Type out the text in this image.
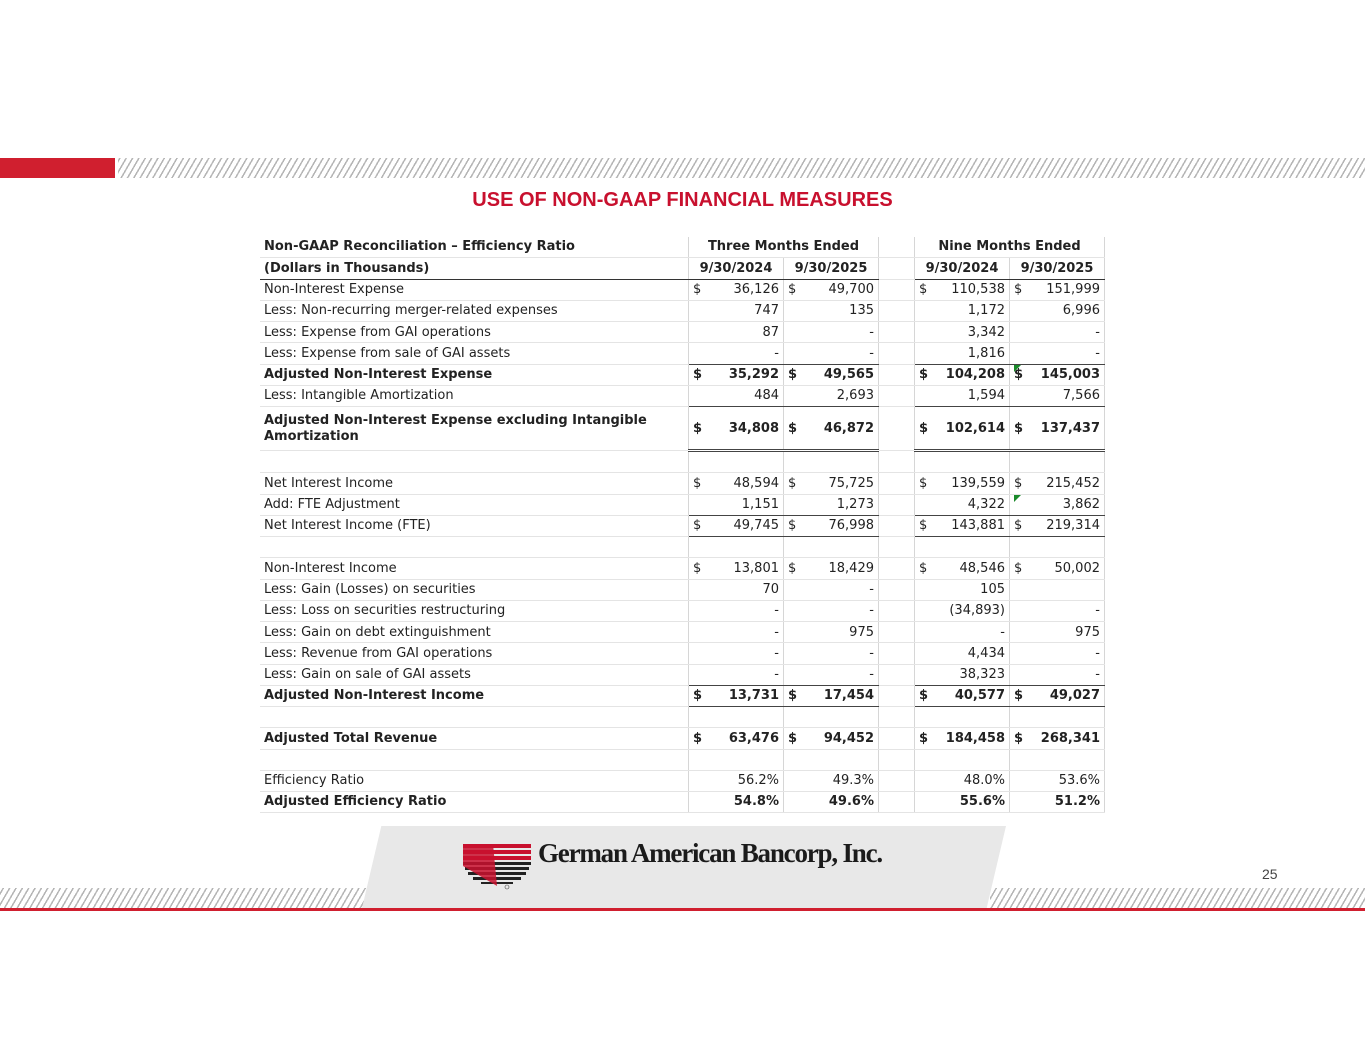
USE OF NON-GAAP FINANCIAL MEASURES
Non-GAAP Reconciliation – Efficiency Ratio	Three Months Ended					Nine Months Ended			
(Dollars in Thousands)	9/30/2024		9/30/2025			9/30/2024		9/30/2025	
Non-Interest Expense	$	36,126	$	49,700		$	110,538	$	151,999
Less: Non-recurring merger-related expenses		747		135			1,172		6,996
Less: Expense from GAI operations		87		-			3,342		-
Less: Expense from sale of GAI assets		-		-			1,816		-
Adjusted Non-Interest Expense	$	35,292	$	49,565		$	104,208	$	145,003
Less: Intangible Amortization		484		2,693			1,594		7,566
Adjusted Non-Interest Expense excluding Intangible Amortization	$	34,808	$	46,872		$	102,614	$	137,437

Net Interest Income	$	48,594	$	75,725		$	139,559	$	215,452
Add: FTE Adjustment		1,151		1,273			4,322		3,862
Net Interest Income (FTE)	$	49,745	$	76,998		$	143,881	$	219,314

Non-Interest Income	$	13,801	$	18,429		$	48,546	$	50,002
Less: Gain (Losses) on securities		70		-			105		
Less: Loss on securities restructuring		-		-			(34,893)		-
Less: Gain on debt extinguishment		-		975			-		975
Less: Revenue from GAI operations		-		-			4,434		-
Less: Gain on sale of GAI assets		-		-			38,323		-
Adjusted Non-Interest Income	$	13,731	$	17,454		$	40,577	$	49,027

Adjusted Total Revenue	$	63,476	$	94,452		$	184,458	$	268,341

Efficiency Ratio		56.2%		49.3%			48.0%		53.6%
Adjusted Efficiency Ratio		54.8%		49.6%			55.6%		51.2%
German American Bancorp, Inc.
25
